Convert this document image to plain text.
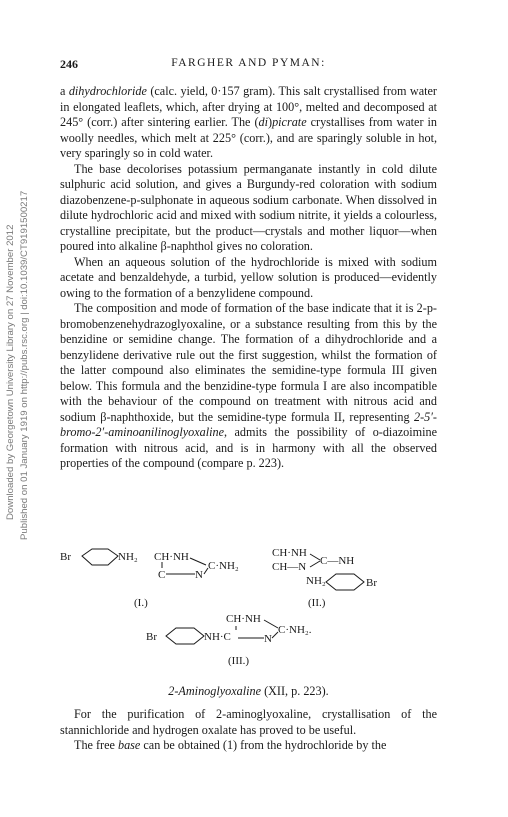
Downloaded by Georgetown University Library on 27 November 2012 Published on 01 January 1919 on http://pubs.rsc.org | doi:10.1039/CT9191500217
246	FARGHER AND PYMAN:

a dihydrochloride (calc. yield, 0·157 gram). This salt crystallised from water in elongated leaflets, which, after drying at 100°, melted and decomposed at 245° (corr.) after sintering earlier. The (di)picrate crystallises from water in woolly needles, which melt at 225° (corr.), and are sparingly soluble in hot, very sparingly so in cold water.

The base decolorises potassium permanganate instantly in cold dilute sulphuric acid solution, and gives a Burgundy-red coloration with sodium diazobenzene-p-sulphonate in aqueous sodium carbonate. When dissolved in dilute hydrochloric acid and mixed with sodium nitrite, it yields a colourless, crystalline precipitate, but the product—crystals and mother liquor—when poured into alkaline β-naphthol gives no coloration.

When an aqueous solution of the hydrochloride is mixed with sodium acetate and benzaldehyde, a turbid, yellow solution is produced—evidently owing to the formation of a benzylidene compound.

The composition and mode of formation of the base indicate that it is 2-p-bromobenzenehydrazoglyoxaline, or a substance resulting from this by the benzidine or semidine change. The formation of a dihydrochloride and a benzylidene derivative rule out the first suggestion, whilst the formation of the latter compound also eliminates the semidine-type formula III given below. This formula and the benzidine-type formula I are also incompatible with the behaviour of the compound on treatment with nitrous acid and sodium β-naphthoxide, but the semidine-type formula II, representing 2-5′-bromo-2′-aminoanilinoglyoxaline, admits the possibility of o-diazoimine formation with nitrous acid, and is in harmony with all the observed properties of the compound (compare p. 223).

Br	NH₂ CH·NH
C	N
C·NH₂
(I.)
CH·NH
CH—N C—NH
NH₂	Br
(II.)
Br	NH·C
CH·NH
N
C·NH₂.
(III.)
2-Aminoglyoxaline (XII, p. 223).

For the purification of 2-aminoglyoxaline, crystallisation of the stannichloride and hydrogen oxalate has proved to be useful.

The free base can be obtained (1) from the hydrochloride by the
